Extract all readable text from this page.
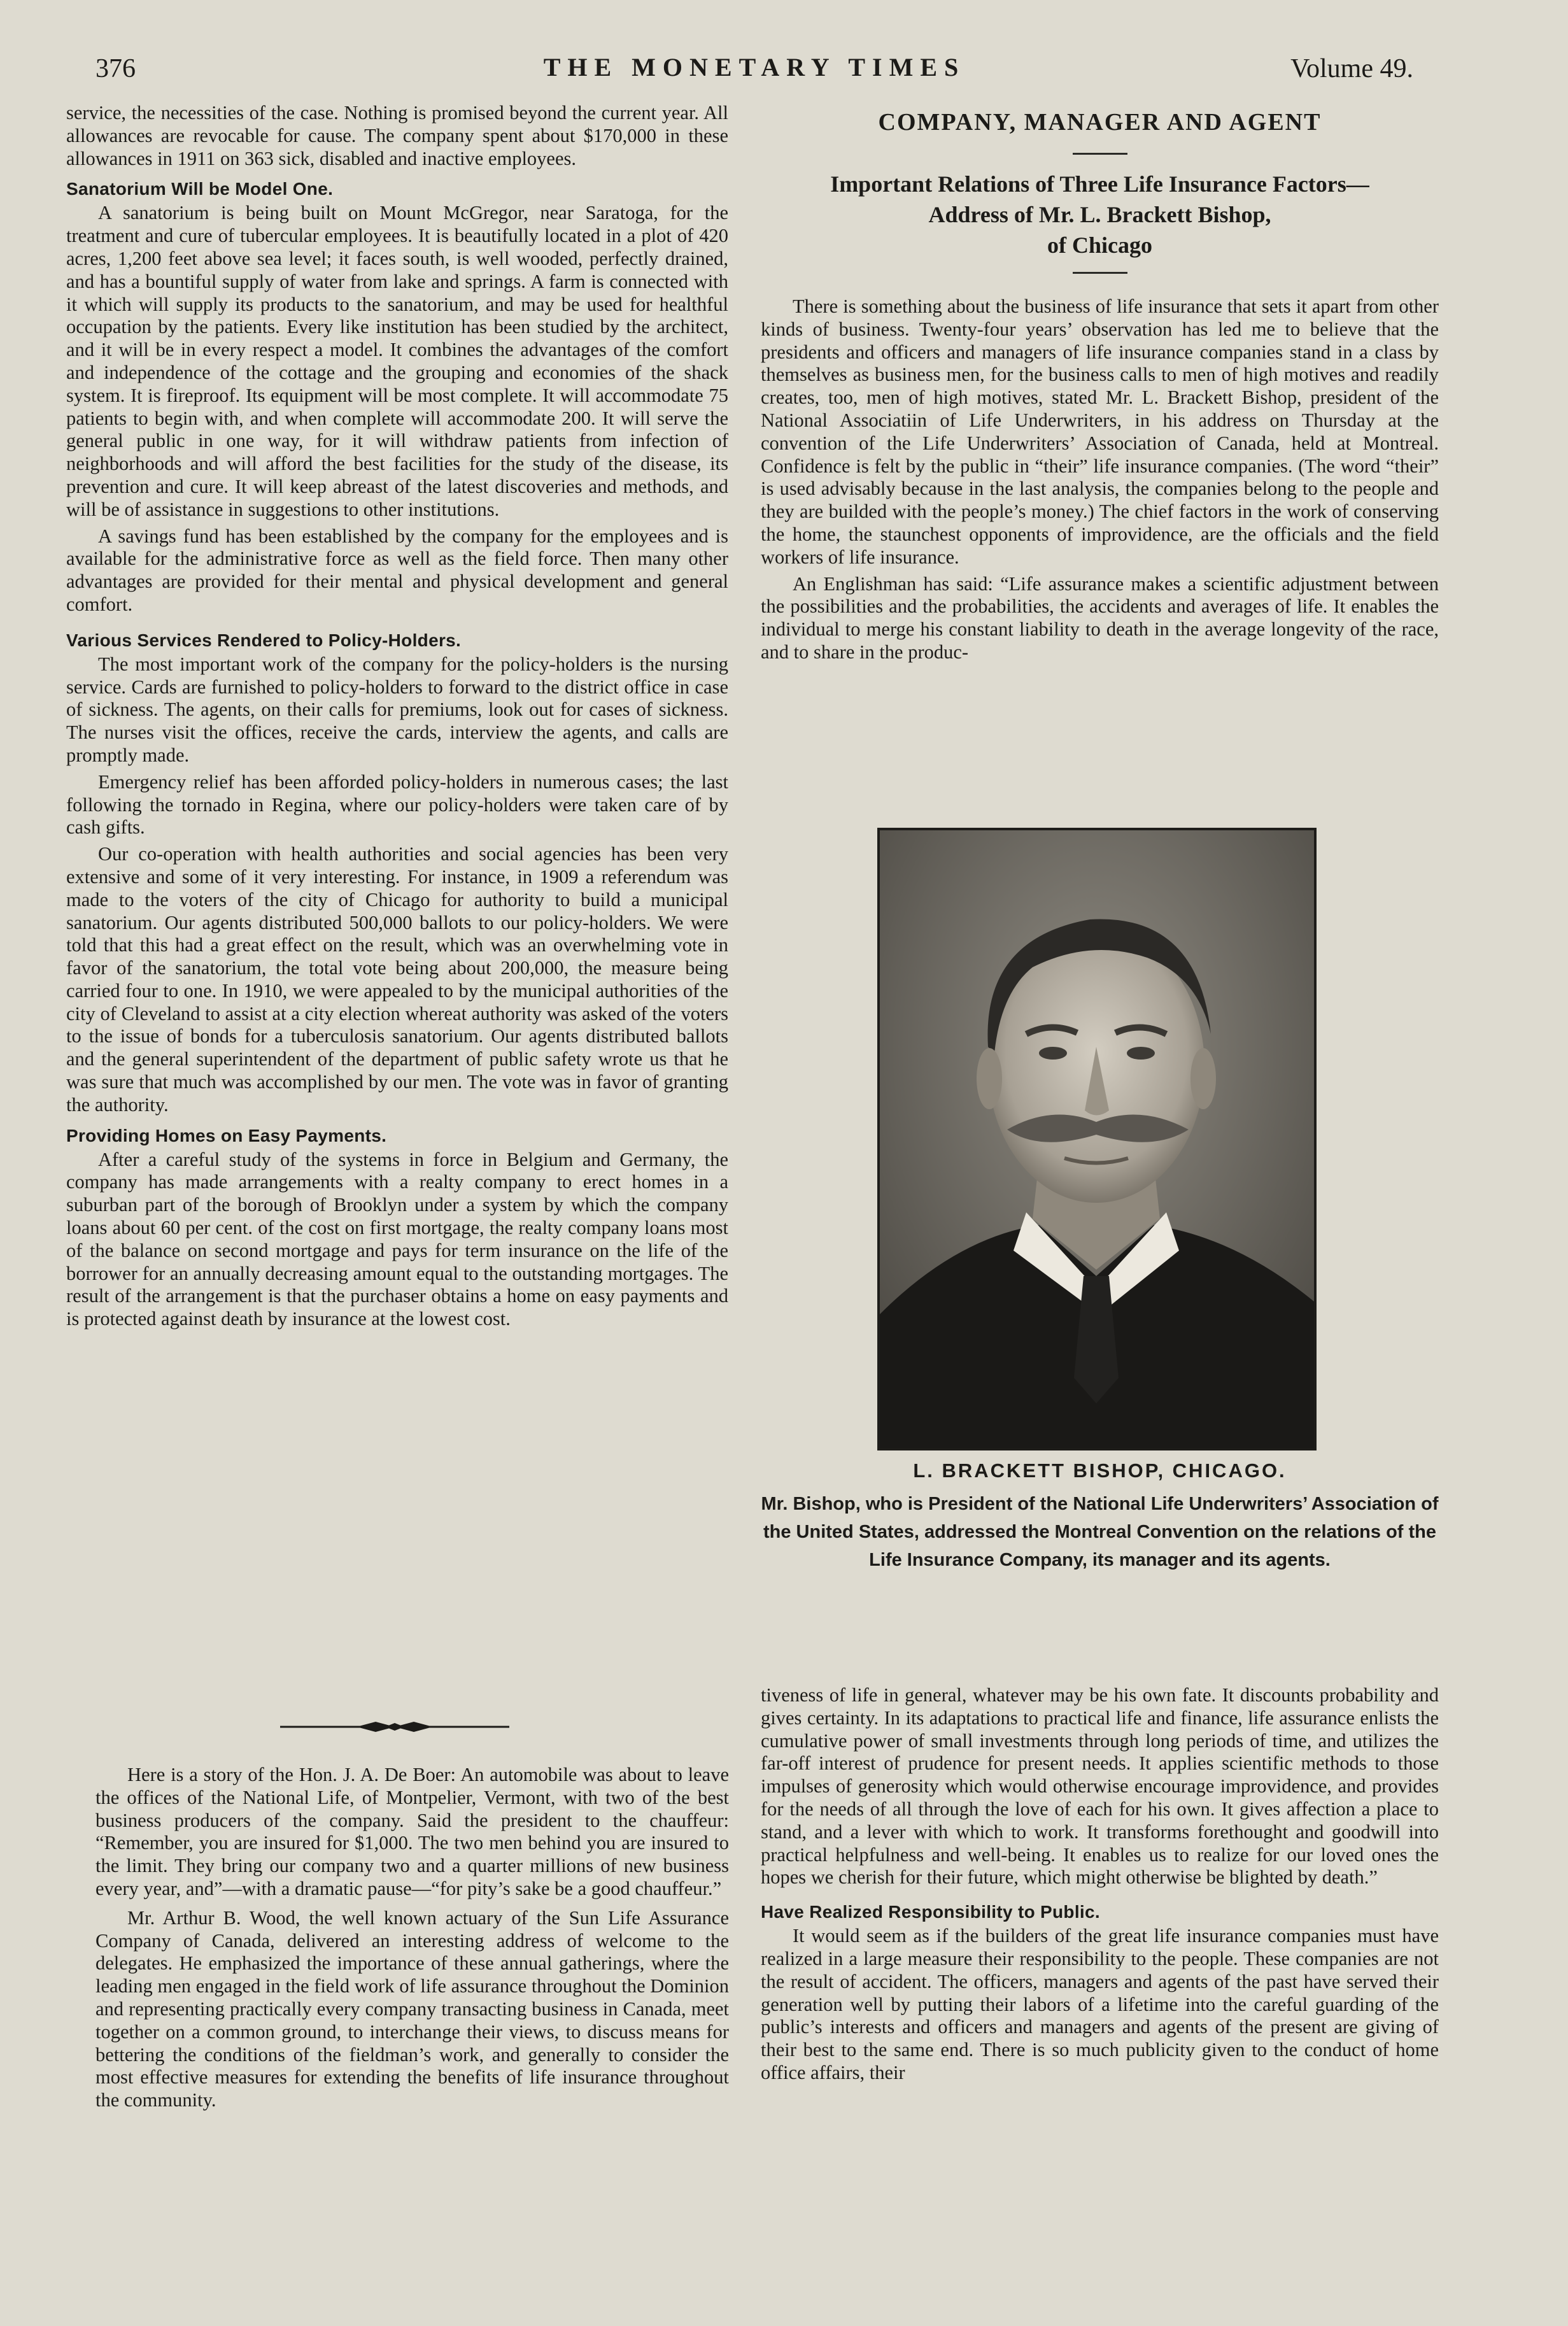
376	THE MONETARY TIMES	Volume 49.

service, the necessities of the case. Nothing is promised beyond the current year. All allowances are revocable for cause. The company spent about $170,000 in these allowances in 1911 on 363 sick, disabled and inactive employees.

Sanatorium Will be Model One.

A sanatorium is being built on Mount McGregor, near Saratoga, for the treatment and cure of tubercular employees. It is beautifully located in a plot of 420 acres, 1,200 feet above sea level; it faces south, is well wooded, perfectly drained, and has a bountiful supply of water from lake and springs. A farm is connected with it which will supply its products to the sanatorium, and may be used for healthful occupation by the patients. Every like institution has been studied by the architect, and it will be in every respect a model. It combines the advantages of the comfort and independence of the cottage and the grouping and economies of the shack system. It is fireproof. Its equipment will be most complete. It will accommodate 75 patients to begin with, and when complete will accommodate 200. It will serve the general public in one way, for it will withdraw patients from infection of neighborhoods and will afford the best facilities for the study of the disease, its prevention and cure. It will keep abreast of the latest discoveries and methods, and will be of assistance in suggestions to other institutions.

A savings fund has been established by the company for the employees and is available for the administrative force as well as the field force. Then many other advantages are provided for their mental and physical development and general comfort.

Various Services Rendered to Policy-Holders.

The most important work of the company for the policy-holders is the nursing service. Cards are furnished to policy-holders to forward to the district office in case of sickness. The agents, on their calls for premiums, look out for cases of sickness. The nurses visit the offices, receive the cards, interview the agents, and calls are promptly made.

Emergency relief has been afforded policy-holders in numerous cases; the last following the tornado in Regina, where our policy-holders were taken care of by cash gifts.

Our co-operation with health authorities and social agencies has been very extensive and some of it very interesting. For instance, in 1909 a referendum was made to the voters of the city of Chicago for authority to build a municipal sanatorium. Our agents distributed 500,000 ballots to our policy-holders. We were told that this had a great effect on the result, which was an overwhelming vote in favor of the sanatorium, the total vote being about 200,000, the measure being carried four to one. In 1910, we were appealed to by the municipal authorities of the city of Cleveland to assist at a city election whereat authority was asked of the voters to the issue of bonds for a tuberculosis sanatorium. Our agents distributed ballots and the general superintendent of the department of public safety wrote us that he was sure that much was accomplished by our men. The vote was in favor of granting the authority.

Providing Homes on Easy Payments.

After a careful study of the systems in force in Belgium and Germany, the company has made arrangements with a realty company to erect homes in a suburban part of the borough of Brooklyn under a system by which the company loans about 60 per cent. of the cost on first mortgage, the realty company loans most of the balance on second mortgage and pays for term insurance on the life of the borrower for an annually decreasing amount equal to the outstanding mortgages. The result of the arrangement is that the purchaser obtains a home on easy payments and is protected against death by insurance at the lowest cost.

Here is a story of the Hon. J. A. De Boer: An automobile was about to leave the offices of the National Life, of Montpelier, Vermont, with two of the best business producers of the company. Said the president to the chauffeur: “Remember, you are insured for $1,000. The two men behind you are insured to the limit. They bring our company two and a quarter millions of new business every year, and”—with a dramatic pause—“for pity’s sake be a good chauffeur.”

Mr. Arthur B. Wood, the well known actuary of the Sun Life Assurance Company of Canada, delivered an interesting address of welcome to the delegates. He emphasized the importance of these annual gatherings, where the leading men engaged in the field work of life assurance throughout the Dominion and representing practically every company transacting business in Canada, meet together on a common ground, to interchange their views, to discuss means for bettering the conditions of the fieldman’s work, and generally to consider the most effective measures for extending the benefits of life insurance throughout the community.

COMPANY, MANAGER AND AGENT
Important Relations of Three Life Insurance Factors—
Address of Mr. L. Brackett Bishop,
of Chicago

There is something about the business of life insurance that sets it apart from other kinds of business. Twenty-four years’ observation has led me to believe that the presidents and officers and managers of life insurance companies stand in a class by themselves as business men, for the business calls to men of high motives and readily creates, too, men of high motives, stated Mr. L. Brackett Bishop, president of the National Associatiin of Life Underwriters, in his address on Thursday at the convention of the Life Underwriters’ Association of Canada, held at Montreal. Confidence is felt by the public in “their” life insurance companies. (The word “their” is used advisably because in the last analysis, the companies belong to the people and they are builded with the people’s money.) The chief factors in the work of conserving the home, the staunchest opponents of improvidence, are the officials and the field workers of life insurance.

An Englishman has said: “Life assurance makes a scientific adjustment between the possibilities and the probabilities, the accidents and averages of life. It enables the individual to merge his constant liability to death in the average longevity of the race, and to share in the produc-

L. BRACKETT BISHOP, CHICAGO.
Mr. Bishop, who is President of the National Life Underwriters’ Association of the United States, addressed the Montreal Convention on the relations of the Life Insurance Company, its manager and its agents.

tiveness of life in general, whatever may be his own fate. It discounts probability and gives certainty. In its adaptations to practical life and finance, life assurance enlists the cumulative power of small investments through long periods of time, and utilizes the far-off interest of prudence for present needs. It applies scientific methods to those impulses of generosity which would otherwise encourage improvidence, and provides for the needs of all through the love of each for his own. It gives affection a place to stand, and a lever with which to work. It transforms forethought and goodwill into practical helpfulness and well-being. It enables us to realize for our loved ones the hopes we cherish for their future, which might otherwise be blighted by death.”

Have Realized Responsibility to Public.

It would seem as if the builders of the great life insurance companies must have realized in a large measure their responsibility to the people. These companies are not the result of accident. The officers, managers and agents of the past have served their generation well by putting their labors of a lifetime into the careful guarding of the public’s interests and officers and managers and agents of the present are giving of their best to the same end. There is so much publicity given to the conduct of home office affairs, their
